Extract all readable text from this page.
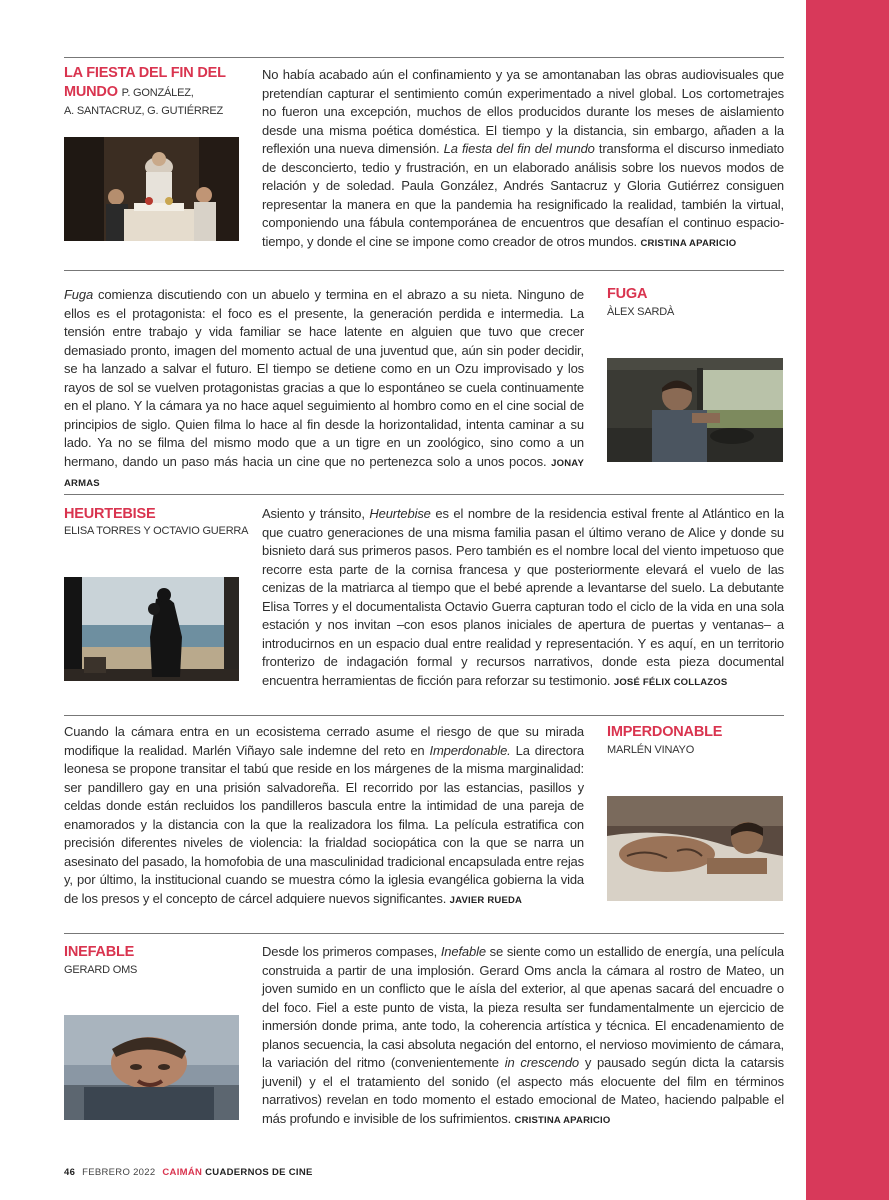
LA FIESTA DEL FIN DEL
MUNDO P. GONZÁLEZ,
A. SANTACRUZ, G. GUTIÉRREZ
No había acabado aún el confinamiento y ya se amontanaban las obras audiovisuales que pretendían capturar el sentimiento común experimentado a nivel global. Los cortometrajes no fueron una excepción, muchos de ellos producidos durante los meses de aislamiento desde una misma poética doméstica. El tiempo y la distancia, sin embargo, añaden a la reflexión una nueva dimensión. La fiesta del fin del mundo transforma el discurso inmediato de desconcierto, tedio y frustración, en un elaborado análisis sobre los nuevos modos de relación y de soledad. Paula González, Andrés Santacruz y Gloria Gutiérrez consiguen representar la manera en que la pandemia ha resignificado la realidad, también la virtual, componiendo una fábula contemporánea de encuentros que desafían el continuo espacio-tiempo, y donde el cine se impone como creador de otros mundos. CRISTINA APARICIO
Fuga comienza discutiendo con un abuelo y termina en el abrazo a su nieta. Ninguno de ellos es el protagonista: el foco es el presente, la generación perdida e intermedia. La tensión entre trabajo y vida familiar se hace latente en alguien que tuvo que crecer demasiado pronto, imagen del momento actual de una juventud que, aún sin poder decidir, se ha lanzado a salvar el futuro. El tiempo se detiene como en un Ozu improvisado y los rayos de sol se vuelven protagonistas gracias a que lo espontáneo se cuela continuamente en el plano. Y la cámara ya no hace aquel seguimiento al hombro como en el cine social de principios de siglo. Quien filma lo hace al fin desde la horizontalidad, intenta caminar a su lado. Ya no se filma del mismo modo que a un tigre en un zoológico, sino como a un hermano, dando un paso más hacia un cine que no pertenezca solo a unos pocos. JONAY ARMAS
FUGA
ÀLEX SARDÀ
HEURTEBISE
ELISA TORRES Y OCTAVIO GUERRA
Asiento y tránsito, Heurtebise es el nombre de la residencia estival frente al Atlántico en la que cuatro generaciones de una misma familia pasan el último verano de Alice y donde su bisnieto dará sus primeros pasos. Pero también es el nombre local del viento impetuoso que recorre esta parte de la cornisa francesa y que posteriormente elevará el vuelo de las cenizas de la matriarca al tiempo que el bebé aprende a levantarse del suelo. La debutante Elisa Torres y el documentalista Octavio Guerra capturan todo el ciclo de la vida en una sola estación y nos invitan –con esos planos iniciales de apertura de puertas y ventanas– a introducirnos en un espacio dual entre realidad y representación. Y es aquí, en un territorio fronterizo de indagación formal y recursos narrativos, donde esta pieza documental encuentra herramientas de ficción para reforzar su testimonio. JOSÉ FÉLIX COLLAZOS
Cuando la cámara entra en un ecosistema cerrado asume el riesgo de que su mirada modifique la realidad. Marlén Viñayo sale indemne del reto en Imperdonable. La directora leonesa se propone transitar el tabú que reside en los márgenes de la misma marginalidad: ser pandillero gay en una prisión salvadoreña. El recorrido por las estancias, pasillos y celdas donde están recluidos los pandilleros bascula entre la intimidad de una pareja de enamorados y la distancia con la que la realizadora los filma. La película estratifica con precisión diferentes niveles de violencia: la frialdad sociopática con la que se narra un asesinato del pasado, la homofobia de una masculinidad tradicional encapsulada entre rejas y, por último, la institucional cuando se muestra cómo la iglesia evangélica gobierna la vida de los presos y el concepto de cárcel adquiere nuevos significantes. JAVIER RUEDA
IMPERDONABLE
MARLÉN VINAYO
INEFABLE
GERARD OMS
Desde los primeros compases, Inefable se siente como un estallido de energía, una película construida a partir de una implosión. Gerard Oms ancla la cámara al rostro de Mateo, un joven sumido en un conflicto que le aísla del exterior, al que apenas sacará del encuadre o del foco. Fiel a este punto de vista, la pieza resulta ser fundamentalmente un ejercicio de inmersión donde prima, ante todo, la coherencia artística y técnica. El encadenamiento de planos secuencia, la casi absoluta negación del entorno, el nervioso movimiento de cámara, la variación del ritmo (convenientemente in crescendo y pausado según dicta la catarsis juvenil) y el el tratamiento del sonido (el aspecto más elocuente del film en términos narrativos) revelan en todo momento el estado emocional de Mateo, haciendo palpable el más profundo e invisible de los sufrimientos. CRISTINA APARICIO
46 FEBRERO 2022 CAIMÁN CUADERNOS DE CINE
